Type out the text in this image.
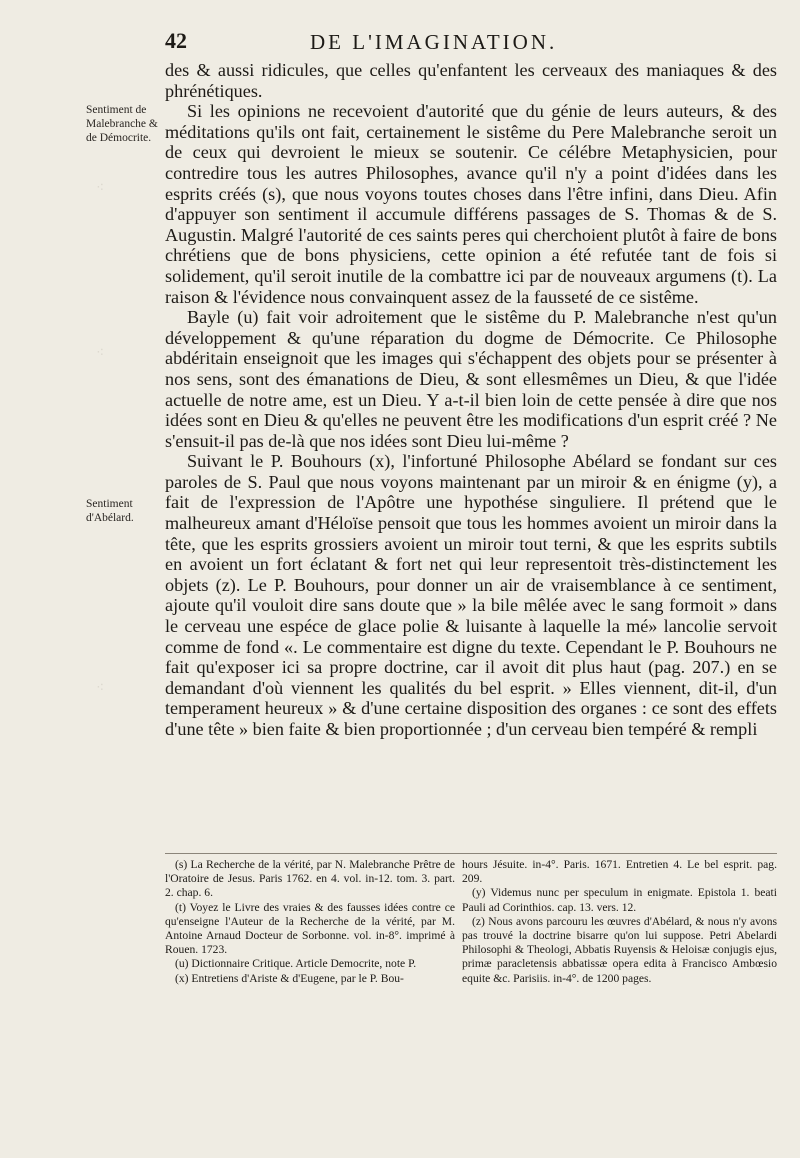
⁖
⁖
⁖
42	DE L'IMAGINATION.
Sentiment de Malebranche & de Démocrite.
Sentiment d'Abélard.

des & aussi ridicules, que celles qu'enfantent les cerveaux des maniaques & des phrénétiques.

Si les opinions ne recevoient d'autorité que du génie de leurs auteurs, & des méditations qu'ils ont fait, certainement le sistême du Pere Malebranche seroit un de ceux qui devroient le mieux se soutenir. Ce célébre Metaphysicien, pour contredire tous les autres Philosophes, avance qu'il n'y a point d'idées dans les esprits créés (s), que nous voyons toutes choses dans l'être infini, dans Dieu. Afin d'appuyer son sentiment il accumule différens passages de S. Thomas & de S. Augustin. Malgré l'autorité de ces saints peres qui cherchoient plutôt à faire de bons chrétiens que de bons physiciens, cette opinion a été refutée tant de fois si solidement, qu'il seroit inutile de la combattre ici par de nouveaux argumens (t). La raison & l'évidence nous convainquent assez de la fausseté de ce sistême.

Bayle (u) fait voir adroitement que le sistême du P. Malebranche n'est qu'un développement & qu'une réparation du dogme de Démocrite. Ce Philosophe abdéritain enseignoit que les images qui s'échappent des objets pour se présenter à nos sens, sont des émanations de Dieu, & sont ellesmêmes un Dieu, & que l'idée actuelle de notre ame, est un Dieu. Y a-t-il bien loin de cette pensée à dire que nos idées sont en Dieu & qu'elles ne peuvent être les modifications d'un esprit créé ? Ne s'ensuit-il pas de-là que nos idées sont Dieu lui-même ?

Suivant le P. Bouhours (x), l'infortuné Philosophe Abélard se fondant sur ces paroles de S. Paul que nous voyons maintenant par un miroir & en énigme (y), a fait de l'expression de l'Apôtre une hypothése singuliere. Il prétend que le malheureux amant d'Héloïse pensoit que tous les hommes avoient un miroir dans la tête, que les esprits grossiers avoient un miroir tout terni, & que les esprits subtils en avoient un fort éclatant & fort net qui leur representoit très-distinctement les objets (z). Le P. Bouhours, pour donner un air de vraisemblance à ce sentiment, ajoute qu'il vouloit dire sans doute que » la bile mêlée avec le sang formoit » dans le cerveau une espéce de glace polie & luisante à laquelle la mé» lancolie servoit comme de fond «. Le commentaire est digne du texte. Cependant le P. Bouhours ne fait qu'exposer ici sa propre doctrine, car il avoit dit plus haut (pag. 207.) en se demandant d'où viennent les qualités du bel esprit. » Elles viennent, dit-il, d'un temperament heureux » & d'une certaine disposition des organes : ce sont des effets d'une tête » bien faite & bien proportionnée ; d'un cerveau bien tempéré & rempli

(s) La Recherche de la vérité, par N. Malebranche Prêtre de l'Oratoire de Jesus. Paris 1762. en 4. vol. in-12. tom. 3. part. 2. chap. 6.

(t) Voyez le Livre des vraies & des fausses idées contre ce qu'enseigne l'Auteur de la Recherche de la vérité, par M. Antoine Arnaud Docteur de Sorbonne. vol. in-8°. imprimé à Rouen. 1723.

(u) Dictionnaire Critique. Article Democrite, note P.

(x) Entretiens d'Ariste & d'Eugene, par le P. Bou-

hours Jésuite. in-4°. Paris. 1671. Entretien 4. Le bel esprit. pag. 209.

(y) Videmus nunc per speculum in enigmate. Epistola 1. beati Pauli ad Corinthios. cap. 13. vers. 12.

(z) Nous avons parcouru les œuvres d'Abélard, & nous n'y avons pas trouvé la doctrine bisarre qu'on lui suppose. Petri Abelardi Philosophi & Theologi, Abbatis Ruyensis & Heloisæ conjugis ejus, primæ paracletensis abbatissæ opera edita à Francisco Ambœsio equite &c. Parisiis. in-4°. de 1200 pages.
